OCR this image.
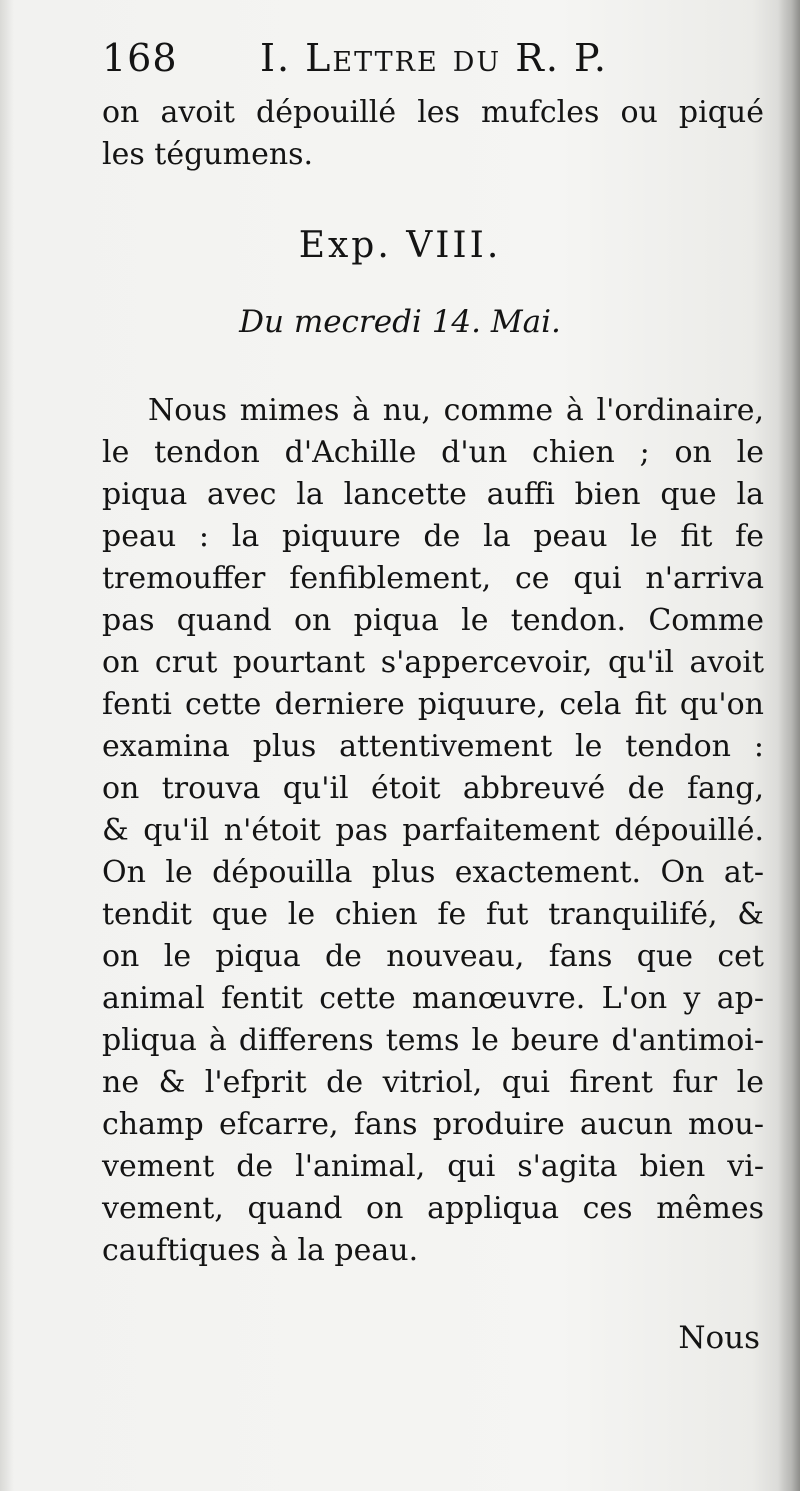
168 I. Lettre du R. P.
on avoit dépouillé les mufcles ou piqué
les tégumens.
Exp. VIII.
Du mecredi 14. Mai.
Nous mimes à nu, comme à l'ordinaire,
le tendon d'Achille d'un chien ; on le
piqua avec la lancette auffi bien que la
peau : la piquure de la peau le fit fe
tremouffer fenfiblement, ce qui n'arriva
pas quand on piqua le tendon. Comme
on crut pourtant s'appercevoir, qu'il avoit
fenti cette derniere piquure, cela fit qu'on
examina plus attentivement le tendon :
on trouva qu'il étoit abbreuvé de fang,
& qu'il n'étoit pas parfaitement dépouillé.
On le dépouilla plus exactement. On at-
tendit que le chien fe fut tranquilifé, &
on le piqua de nouveau, fans que cet
animal fentit cette manœuvre. L'on y ap-
pliqua à differens tems le beure d'antimoi-
ne & l'efprit de vitriol, qui firent fur le
champ efcarre, fans produire aucun mou-
vement de l'animal, qui s'agita bien vi-
vement, quand on appliqua ces mêmes
cauftiques à la peau.
Nous
